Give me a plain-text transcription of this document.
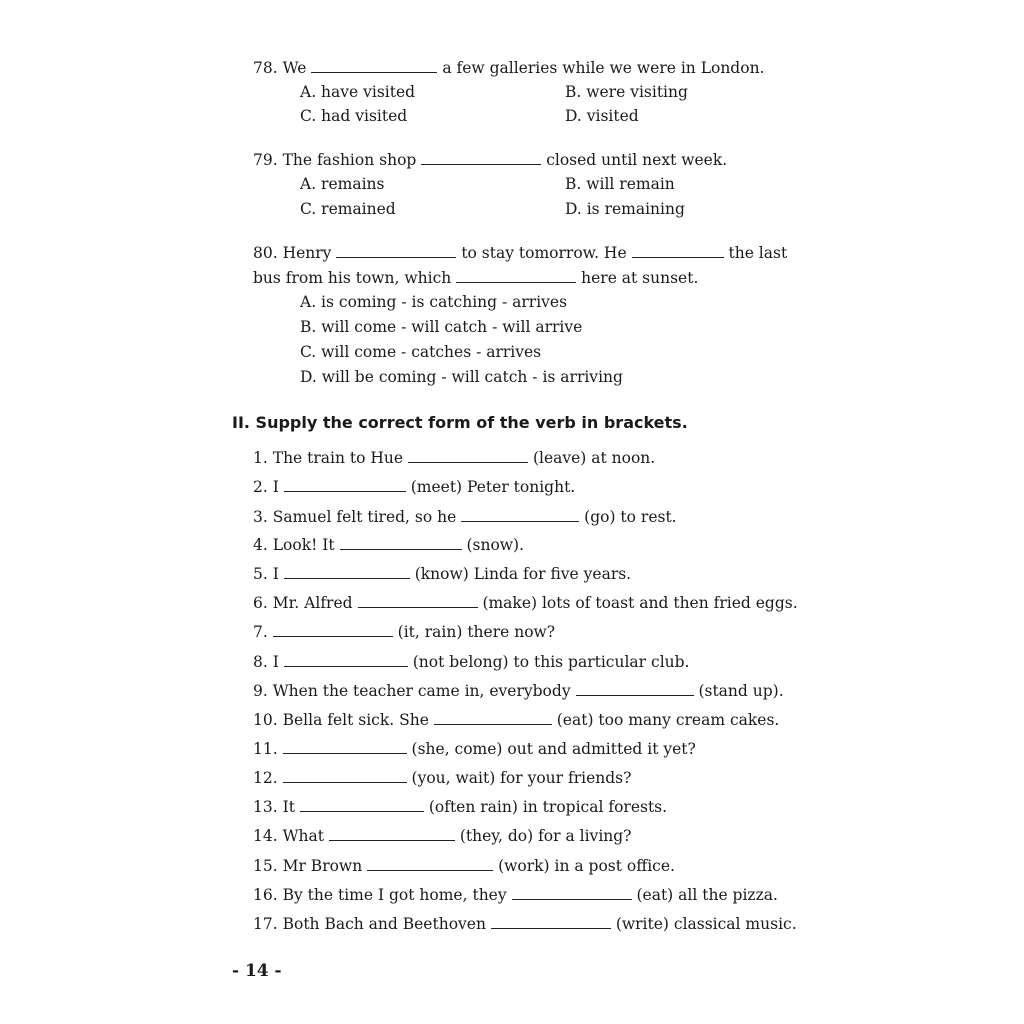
78. We	a few galleries while we were in London.
A. have visited	B. were visiting
C. had visited	D. visited
79. The fashion shop	closed until next week.
A. remains	B. will remain
C. remained	D. is remaining
80. Henry	to stay tomorrow. He	the last
bus from his town, which	here at sunset.
A. is coming - is catching - arrives
B. will come - will catch - will arrive
C. will come - catches - arrives
D. will be coming - will catch - is arriving
II. Supply the correct form of the verb in brackets.
1. The train to Hue	(leave) at noon.
2. I	(meet) Peter tonight.
3. Samuel felt tired, so he	(go) to rest.
4. Look! It	(snow).
5. I	(know) Linda for five years.
6. Mr. Alfred	(make) lots of toast and then fried eggs.
7.	(it, rain) there now?
8. I	(not belong) to this particular club.
9. When the teacher came in, everybody	(stand up).
10. Bella felt sick. She	(eat) too many cream cakes.
11.	(she, come) out and admitted it yet?
12.	(you, wait) for your friends?
13. It	(often rain) in tropical forests.
14. What	(they, do) for a living?
15. Mr Brown	(work) in a post office.
16. By the time I got home, they	(eat) all the pizza.
17. Both Bach and Beethoven	(write) classical music.
- 14 -
